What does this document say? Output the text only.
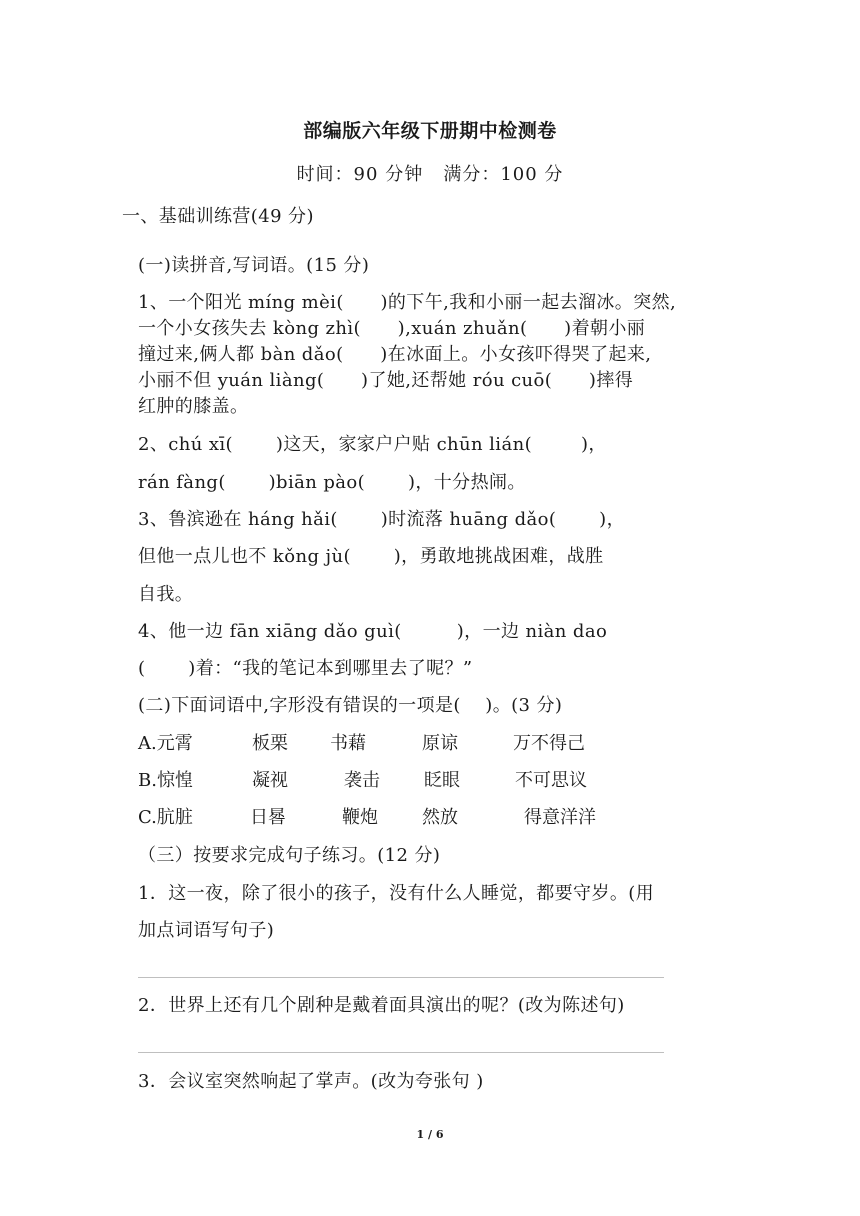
部编版六年级下册期中检测卷
时间：90 分钟   满分：100 分
一、基础训练营(49 分)
(一)读拼音,写词语。(15 分)
1、一个阳光 míng mèi(      )的下午,我和小丽一起去溜冰。突然,
一个小女孩失去 kòng zhì(      ),xuán zhuǎn(      )着朝小丽
撞过来,俩人都 bàn dǎo(      )在冰面上。小女孩吓得哭了起来,
小丽不但 yuán liàng(      )了她,还帮她 róu cuō(      )摔得
红肿的膝盖。
2、chú xī(       )这天，家家户户贴 chūn lián(        )，
rán fàng(       )biān pào(       )，十分热闹。
3、鲁滨逊在 háng hǎi(       )时流落 huāng dǎo(       )，
但他一点儿也不 kǒng jù(       )，勇敢地挑战困难，战胜
自我。
4、他一边 fān xiāng dǎo guì(         )，一边 niàn dao
(       )着：“我的笔记本到哪里去了呢？”
(二)下面词语中,字形没有错误的一项是(    )。(3 分)
A.元霄	板栗 书藉	原谅	万不得己
B.惊惶	凝视	袭击 眨眼	不可思议
C.肮脏	日晷	鞭炮 然放	得意洋洋
（三）按要求完成句子练习。(12 分)
1．这一夜，除了很小的孩子，没有什么人睡觉，都要守岁。(用
加点词语写句子)
2．世界上还有几个剧种是戴着面具演出的呢？(改为陈述句)
3．会议室突然响起了掌声。(改为夸张句 )
1 / 6
